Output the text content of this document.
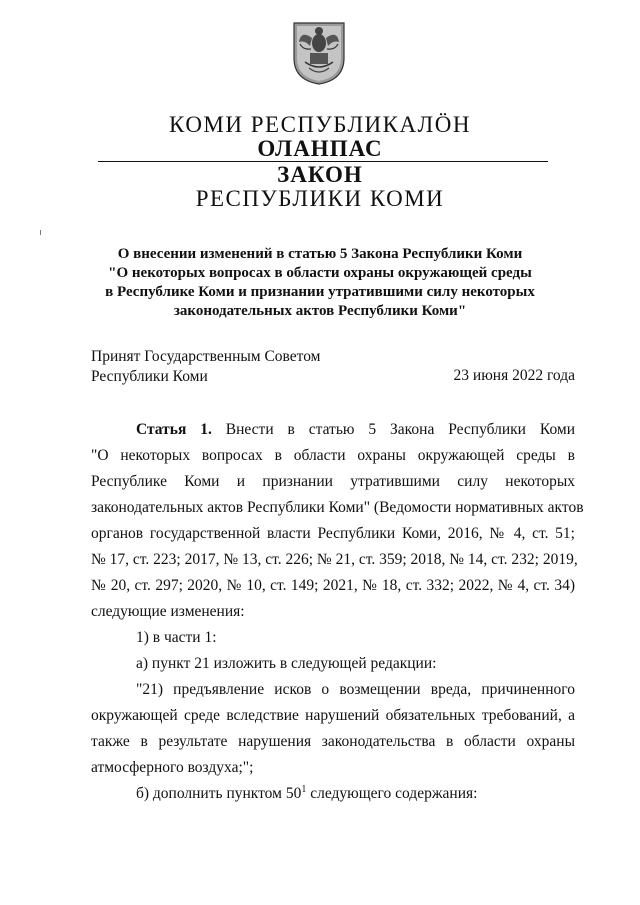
КОМИ РЕСПУБЛИКАЛÖН
ОЛАНПАС
ЗАКОН
РЕСПУБЛИКИ КОМИ
О внесении изменений в статью 5 Закона Республики Коми
"О некоторых вопросах в области охраны окружающей среды
в Республике Коми и признании утратившими силу некоторых
законодательных актов Республики Коми"
Принят Государственным Советом
Республики Коми	23 июня 2022 года
Статья 1. Внести в статью 5 Закона Республики Коми
"О некоторых вопросах в области охраны окружающей среды в
Республике Коми и признании утратившими силу некоторых
законодательных актов Республики Коми" (Ведомости нормативных актов
органов государственной власти Республики Коми, 2016, № 4, ст. 51;
№ 17, ст. 223; 2017, № 13, ст. 226; № 21, ст. 359; 2018, № 14, ст. 232; 2019,
№ 20, ст. 297; 2020, № 10, ст. 149; 2021, № 18, ст. 332; 2022, № 4, ст. 34)
следующие изменения:
1) в части 1:
а) пункт 21 изложить в следующей редакции:
"21) предъявление исков о возмещении вреда, причиненного
окружающей среде вследствие нарушений обязательных требований, а
также в результате нарушения законодательства в области охраны
атмосферного воздуха;";
б) дополнить пунктом $50^1$ следующего содержания:
